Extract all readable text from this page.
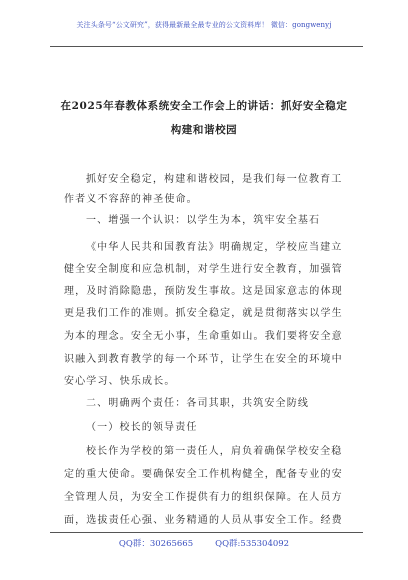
关注头条号“公文研究”，获得最新最全最专业的公文资料库！ 微信：gongwenyj
在2025年春教体系统安全工作会上的讲话：抓好安全稳定
构建和谐校园
抓好安全稳定，构建和谐校园，是我们每一位教育工
作者义不容辞的神圣使命。
一、增强一个认识：以学生为本，筑牢安全基石
《中华人民共和国教育法》明确规定，学校应当建立
健全安全制度和应急机制，对学生进行安全教育，加强管
理，及时消除隐患，预防发生事故。这是国家意志的体现
更是我们工作的准则。抓安全稳定，就是贯彻落实以学生
为本的理念。安全无小事，生命重如山。我们要将安全意
识融入到教育教学的每一个环节，让学生在安全的环境中
安心学习、快乐成长。
二、明确两个责任：各司其职，共筑安全防线
（一）校长的领导责任
校长作为学校的第一责任人，肩负着确保学校安全稳
定的重大使命。要确保安全工作机构健全，配备专业的安
全管理人员，为安全工作提供有力的组织保障。在人员方
面，选拔责任心强、业务精通的人员从事安全工作。经费
QQ群：30265665	QQ群:535304092
